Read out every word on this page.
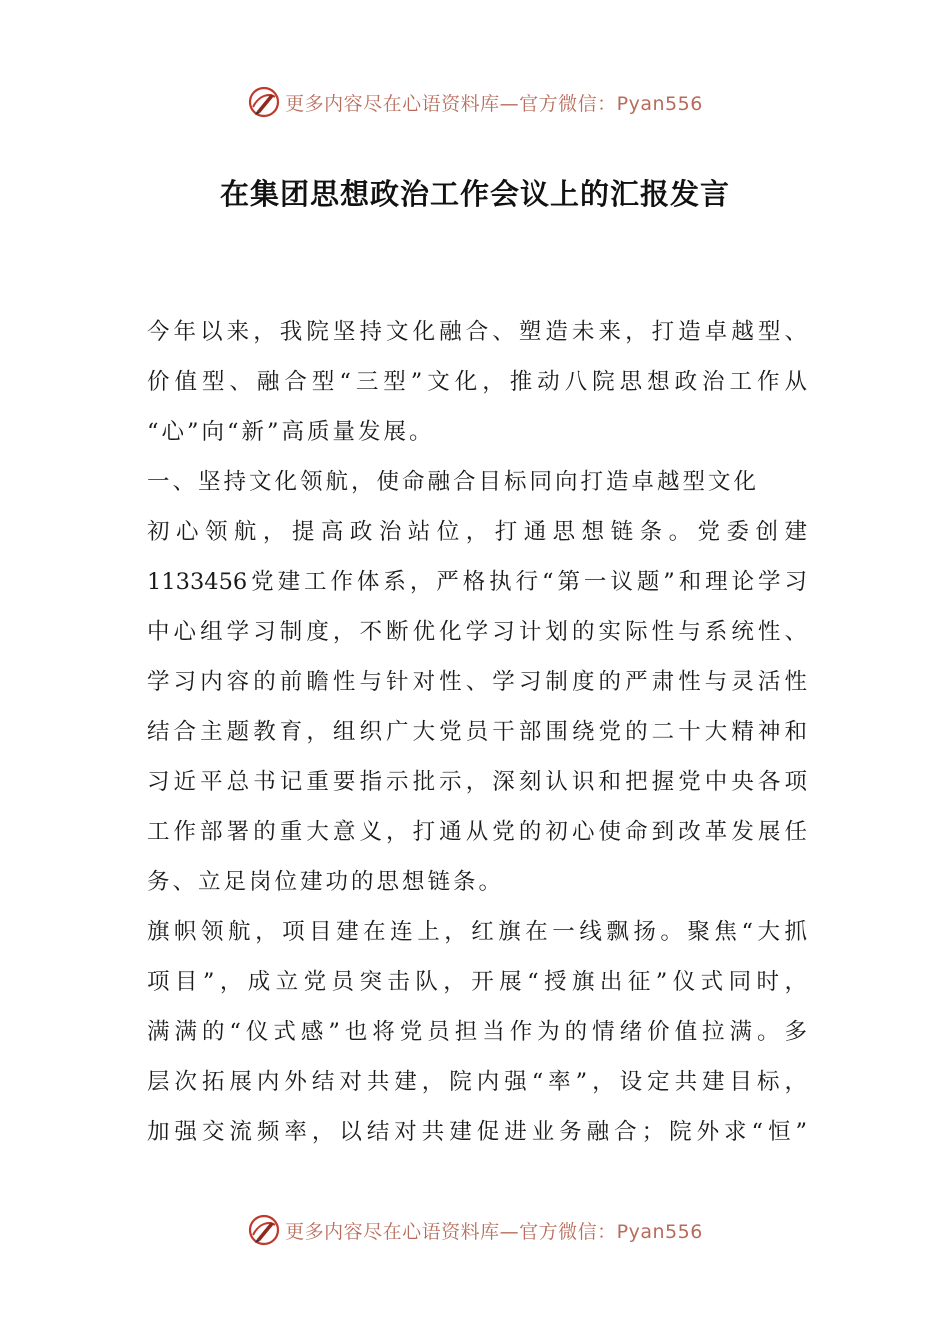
更多内容尽在心语资料库—官方微信：Pyan556
在集团思想政治工作会议上的汇报发言
今年以来，我院坚持文化融合、塑造未来，打造卓越型、
价值型、融合型“三型”文化，推动八院思想政治工作从
“心”向“新”高质量发展。
一、坚持文化领航，使命融合目标同向打造卓越型文化
初心领航，提高政治站位，打通思想链条。党委创建
1133456党建工作体系，严格执行“第一议题”和理论学习
中心组学习制度，不断优化学习计划的实际性与系统性、
学习内容的前瞻性与针对性、学习制度的严肃性与灵活性
结合主题教育，组织广大党员干部围绕党的二十大精神和
习近平总书记重要指示批示，深刻认识和把握党中央各项
工作部署的重大意义，打通从党的初心使命到改革发展任
务、立足岗位建功的思想链条。
旗帜领航，项目建在连上，红旗在一线飘扬。聚焦“大抓
项目”，成立党员突击队，开展“授旗出征”仪式同时，
满满的“仪式感”也将党员担当作为的情绪价值拉满。多
层次拓展内外结对共建，院内强“率”，设定共建目标，
加强交流频率，以结对共建促进业务融合；院外求“恒”
更多内容尽在心语资料库—官方微信：Pyan556
